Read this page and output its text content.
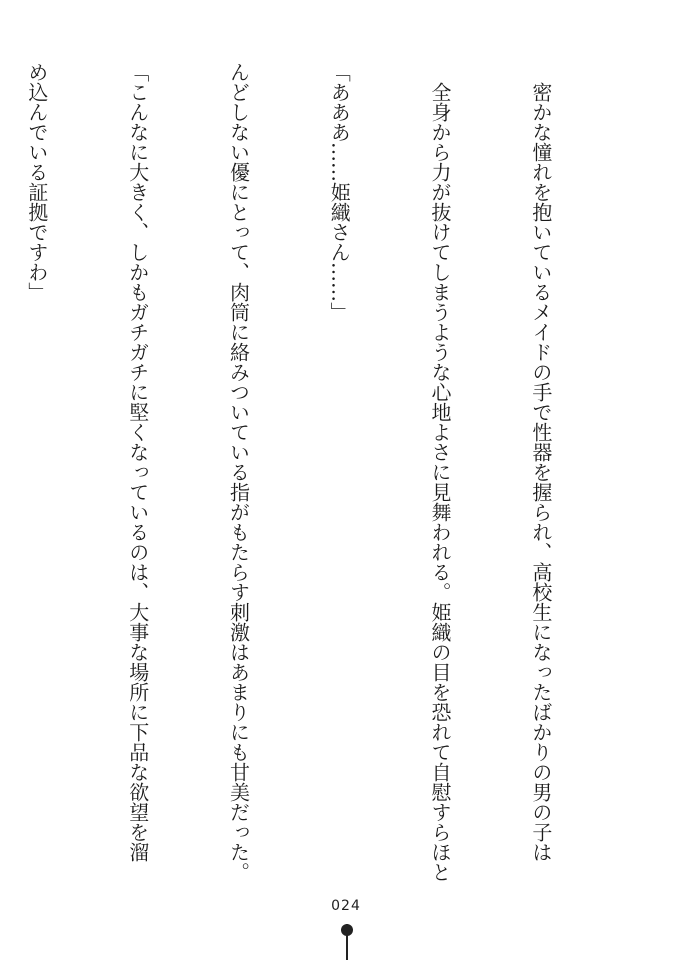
　密かな憧れを抱いているメイドの手で性器を握られ、高校生になったばかりの男の子は

　全身から力が抜けてしまうような心地よさに見舞われる。姫織の目を恐れて自慰すらほと

「あああ……姫織さん……」

んどしない優にとって、肉筒に絡みついている指がもたらす刺激はあまりにも甘美だった。

「こんなに大きく、しかもガチガチに堅くなっているのは、大事な場所に下品な欲望を溜

め込んでいる証拠ですわ」

024
